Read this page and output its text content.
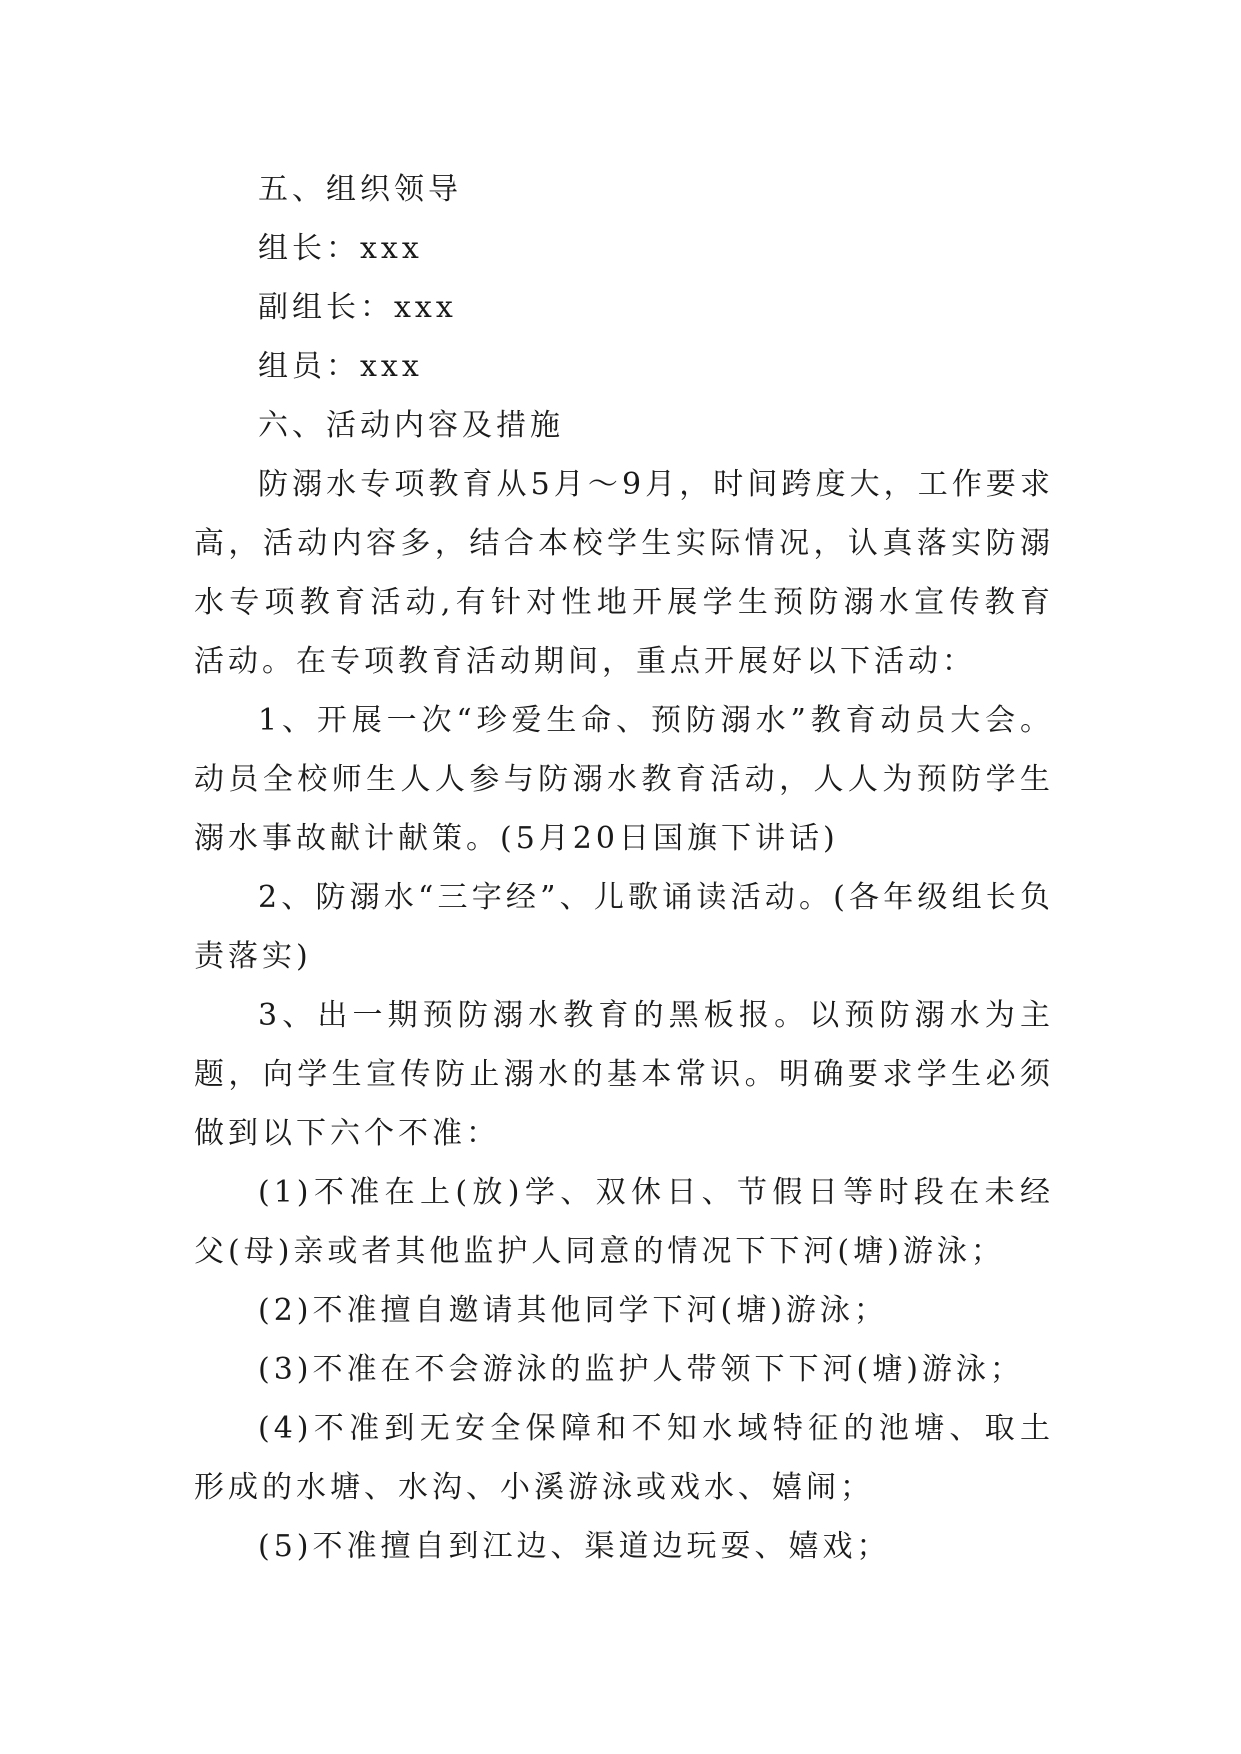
五、组织领导

组长：xxx

副组长：xxx

组员：xxx

六、活动内容及措施

防溺水专项教育从5月～9月，时间跨度大，工作要求高，活动内容多，结合本校学生实际情况，认真落实防溺水专项教育活动,有针对性地开展学生预防溺水宣传教育活动。在专项教育活动期间，重点开展好以下活动：

1、开展一次“珍爱生命、预防溺水”教育动员大会。动员全校师生人人参与防溺水教育活动，人人为预防学生溺水事故献计献策。(5月20日国旗下讲话)

2、防溺水“三字经”、儿歌诵读活动。(各年级组长负责落实)

3、出一期预防溺水教育的黑板报。以预防溺水为主题，向学生宣传防止溺水的基本常识。明确要求学生必须做到以下六个不准：

(1)不准在上(放)学、双休日、节假日等时段在未经父(母)亲或者其他监护人同意的情况下下河(塘)游泳；

(2)不准擅自邀请其他同学下河(塘)游泳；

(3)不准在不会游泳的监护人带领下下河(塘)游泳；

(4)不准到无安全保障和不知水域特征的池塘、取土形成的水塘、水沟、小溪游泳或戏水、嬉闹；

(5)不准擅自到江边、渠道边玩耍、嬉戏；
